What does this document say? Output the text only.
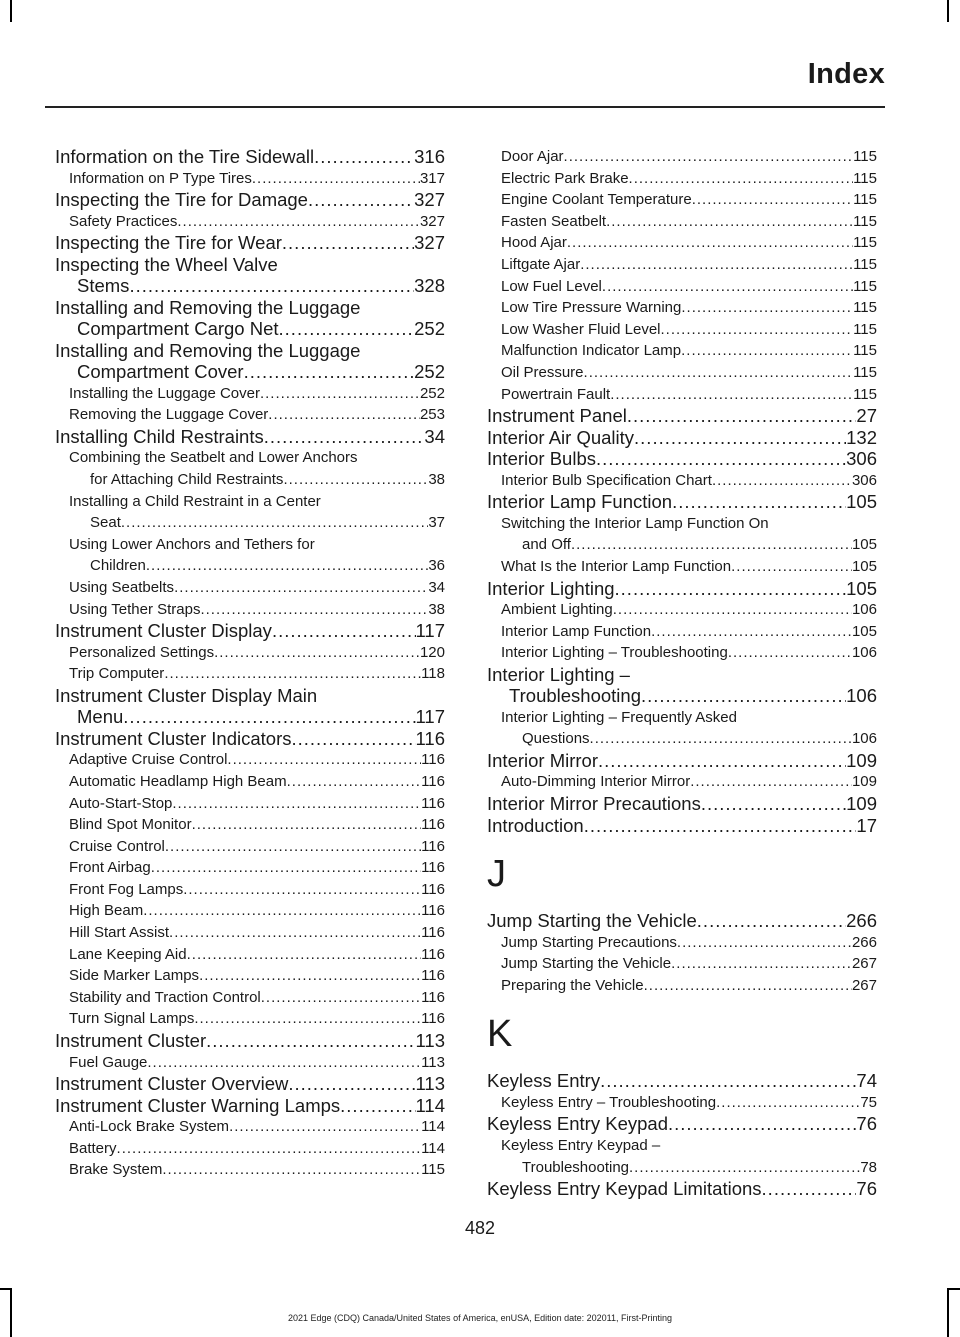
Index
Information on the Tire Sidewall .....	316
Information on P Type Tires .....	317
Inspecting the Tire for Damage .....	327
Safety Practices .....	327
Inspecting the Tire for Wear .....	327
Inspecting the Wheel Valve
Stems .....	328
Installing and Removing the Luggage
Compartment Cargo Net .....	252
Installing and Removing the Luggage
Compartment Cover .....	252
Installing the Luggage Cover .....	252
Removing the Luggage Cover .....	253
Installing Child Restraints .....	34
Combining the Seatbelt and Lower Anchors
for Attaching Child Restraints .....	38
Installing a Child Restraint in a Center
Seat .....	37
Using Lower Anchors and Tethers for
Children .....	36
Using Seatbelts .....	34
Using Tether Straps .....	38
Instrument Cluster Display .....	117
Personalized Settings .....	120
Trip Computer .....	118
Instrument Cluster Display Main
Menu .....	117
Instrument Cluster Indicators .....	116
Adaptive Cruise Control .....	116
Automatic Headlamp High Beam .....	116
Auto-Start-Stop .....	116
Blind Spot Monitor .....	116
Cruise Control .....	116
Front Airbag .....	116
Front Fog Lamps .....	116
High Beam .....	116
Hill Start Assist .....	116
Lane Keeping Aid .....	116
Side Marker Lamps .....	116
Stability and Traction Control .....	116
Turn Signal Lamps .....	116
Instrument Cluster .....	113
Fuel Gauge .....	113
Instrument Cluster Overview .....	113
Instrument Cluster Warning Lamps .....	114
Anti-Lock Brake System .....	114
Battery .....	114
Brake System .....	115
Door Ajar .....	115
Electric Park Brake .....	115
Engine Coolant Temperature .....	115
Fasten Seatbelt .....	115
Hood Ajar .....	115
Liftgate Ajar .....	115
Low Fuel Level .....	115
Low Tire Pressure Warning .....	115
Low Washer Fluid Level .....	115
Malfunction Indicator Lamp .....	115
Oil Pressure .....	115
Powertrain Fault .....	115
Instrument Panel .....	27
Interior Air Quality .....	132
Interior Bulbs .....	306
Interior Bulb Specification Chart .....	306
Interior Lamp Function .....	105
Switching the Interior Lamp Function On
and Off .....	105
What Is the Interior Lamp Function .....	105
Interior Lighting .....	105
Ambient Lighting .....	106
Interior Lamp Function .....	105
Interior Lighting – Troubleshooting .....	106
Interior Lighting –
Troubleshooting .....	106
Interior Lighting – Frequently Asked
Questions .....	106
Interior Mirror .....	109
Auto-Dimming Interior Mirror .....	109
Interior Mirror Precautions .....	109
Introduction .....	17
J
Jump Starting the Vehicle .....	266
Jump Starting Precautions .....	266
Jump Starting the Vehicle .....	267
Preparing the Vehicle .....	267
K
Keyless Entry .....	74
Keyless Entry – Troubleshooting .....	75
Keyless Entry Keypad .....	76
Keyless Entry Keypad –
Troubleshooting .....	78
Keyless Entry Keypad Limitations .....	76
482
2021 Edge (CDQ) Canada/United States of America, enUSA, Edition date: 202011, First-Printing
